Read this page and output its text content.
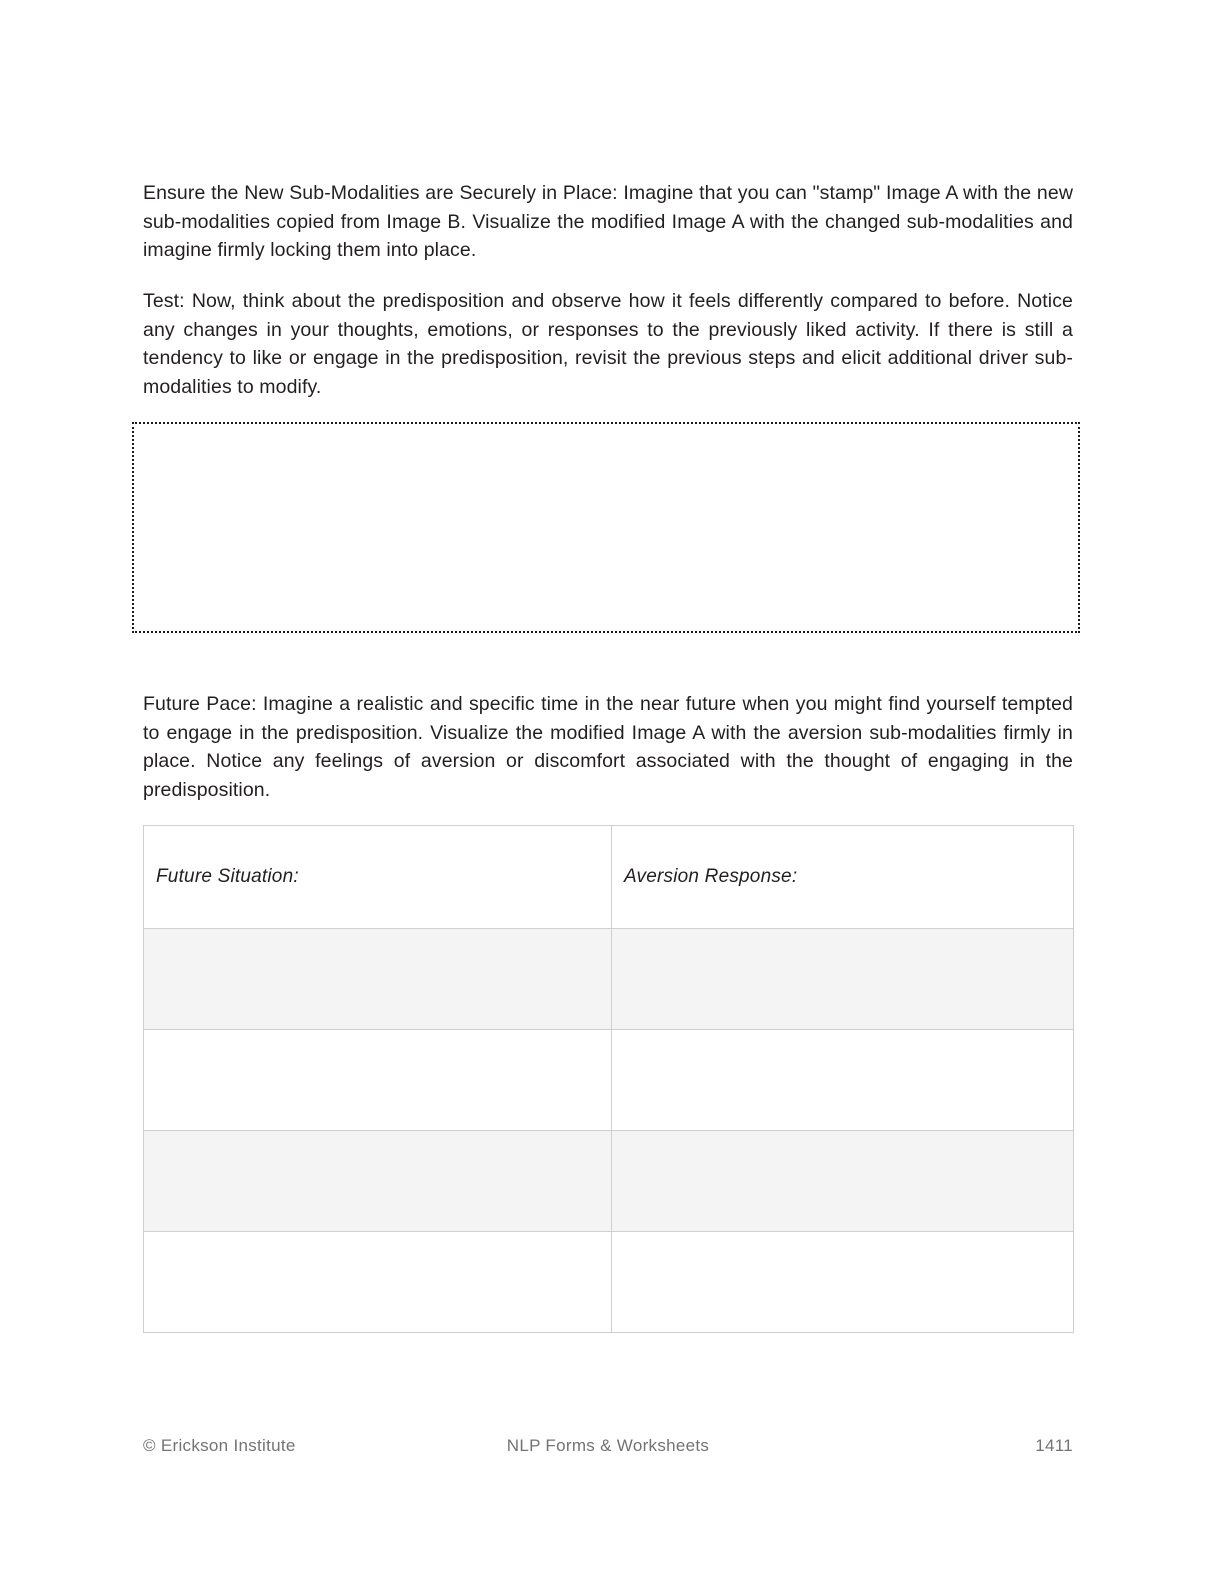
Ensure the New Sub-Modalities are Securely in Place: Imagine that you can "stamp" Image A with the new sub-modalities copied from Image B. Visualize the modified Image A with the changed sub-modalities and imagine firmly locking them into place.

Test: Now, think about the predisposition and observe how it feels differently compared to before. Notice any changes in your thoughts, emotions, or responses to the previously liked activity. If there is still a tendency to like or engage in the predisposition, revisit the previous steps and elicit additional driver sub-modalities to modify.

Future Pace: Imagine a realistic and specific time in the near future when you might find yourself tempted to engage in the predisposition. Visualize the modified Image A with the aversion sub-modalities firmly in place. Notice any feelings of aversion or discomfort associated with the thought of engaging in the predisposition.

Future Situation:	Aversion Response:

© Erickson Institute	NLP Forms & Worksheets	1411
